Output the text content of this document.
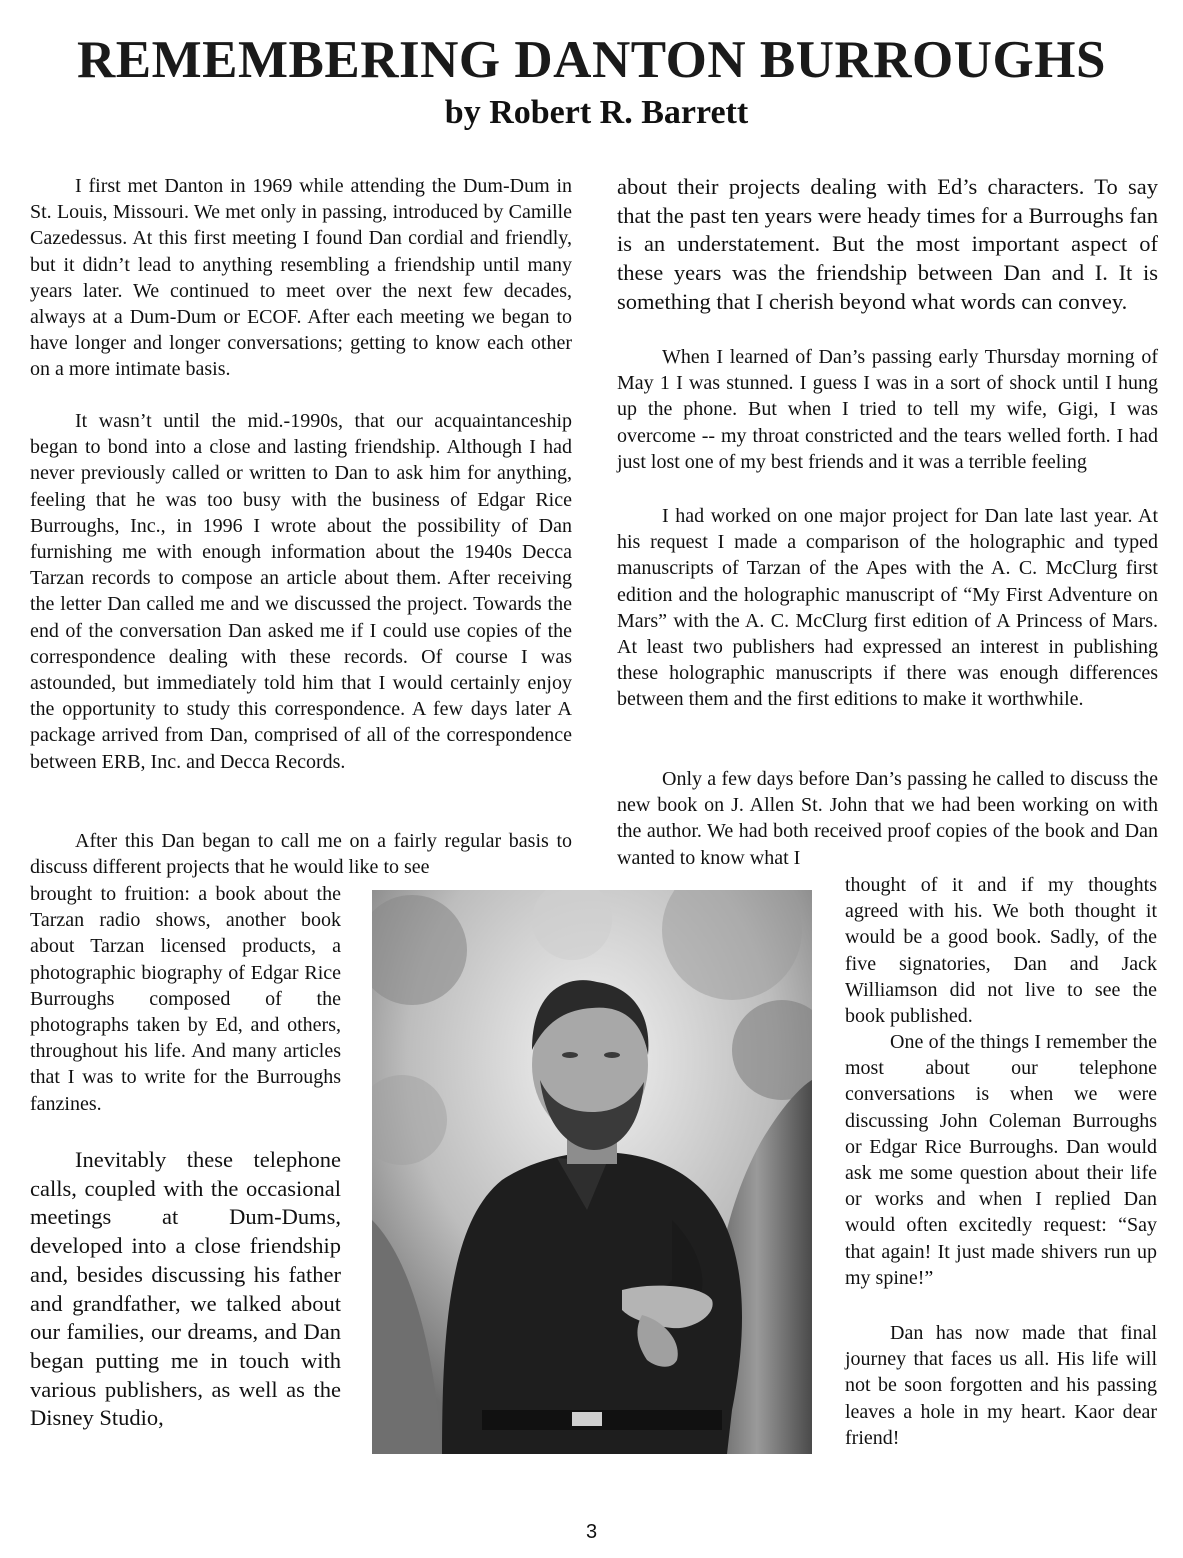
REMEMBERING DANTON BURROUGHS
by Robert R. Barrett

I first met Danton in 1969 while attending the Dum-Dum in St. Louis, Missouri. We met only in passing, introduced by Camille Cazedessus. At this first meeting I found Dan cordial and friendly, but it didn’t lead to anything resembling a friendship until many years later. We continued to meet over the next few decades, always at a Dum-Dum or ECOF. After each meeting we began to have longer and longer conversations; getting to know each other on a more intimate basis.

It wasn’t until the mid.-1990s, that our acquaintanceship began to bond into a close and lasting friendship. Although I had never previously called or written to Dan to ask him for anything, feeling that he was too busy with the business of Edgar Rice Burroughs, Inc., in 1996 I wrote about the possibility of Dan furnishing me with enough information about the 1940s Decca Tarzan records to compose an article about them. After receiving the letter Dan called me and we discussed the project. Towards the end of the conversation Dan asked me if I could use copies of the correspondence dealing with these records. Of course I was astounded, but immediately told him that I would certainly enjoy the opportunity to study this correspondence. A few days later A package arrived from Dan, comprised of all of the correspondence between ERB, Inc. and Decca Records.

After this Dan began to call me on a fairly regular basis to discuss different projects that he would like to see

brought to fruition: a book about the Tarzan radio shows, another book about Tarzan licensed products, a photographic biography of Edgar Rice Burroughs composed of the photographs taken by Ed, and others, throughout his life. And many articles that I was to write for the Burroughs fanzines.

Inevitably these telephone calls, coupled with the occasional meetings at Dum-Dums, developed into a close friendship and, besides discussing his father and grandfather, we talked about our families, our dreams, and Dan began putting me in touch with various publishers, as well as the Disney Studio,

about their projects dealing with Ed’s characters. To say that the past ten years were heady times for a Burroughs fan is an understatement. But the most important aspect of these years was the friendship between Dan and I. It is something that I cherish beyond what words can convey.

When I learned of Dan’s passing early Thursday morning of May 1 I was stunned. I guess I was in a sort of shock until I hung up the phone. But when I tried to tell my wife, Gigi, I was overcome -- my throat constricted and the tears welled forth. I had just lost one of my best friends and it was a terrible feeling

I had worked on one major project for Dan late last year. At his request I made a comparison of the holographic and typed manuscripts of Tarzan of the Apes with the A. C. McClurg first edition and the holographic manuscript of “My First Adventure on Mars” with the A. C. McClurg first edition of A Princess of Mars. At least two publishers had expressed an interest in publishing these holographic manuscripts if there was enough differences between them and the first editions to make it worthwhile.

Only a few days before Dan’s passing he called to discuss the new book on J. Allen St. John that we had been working on with the author. We had both received proof copies of the book and Dan wanted to know what I

thought of it and if my thoughts agreed with his. We both thought it would be a good book. Sadly, of the five signatories, Dan and Jack Williamson did not live to see the book published.

One of the things I remember the most about our telephone conversations is when we were discussing John Coleman Burroughs or Edgar Rice Burroughs. Dan would ask me some question about their life or works and when I replied Dan would often excitedly request: “Say that again! It just made shivers run up my spine!”

Dan has now made that final journey that faces us all. His life will not be soon forgotten and his passing leaves a hole in my heart. Kaor dear friend!

3
